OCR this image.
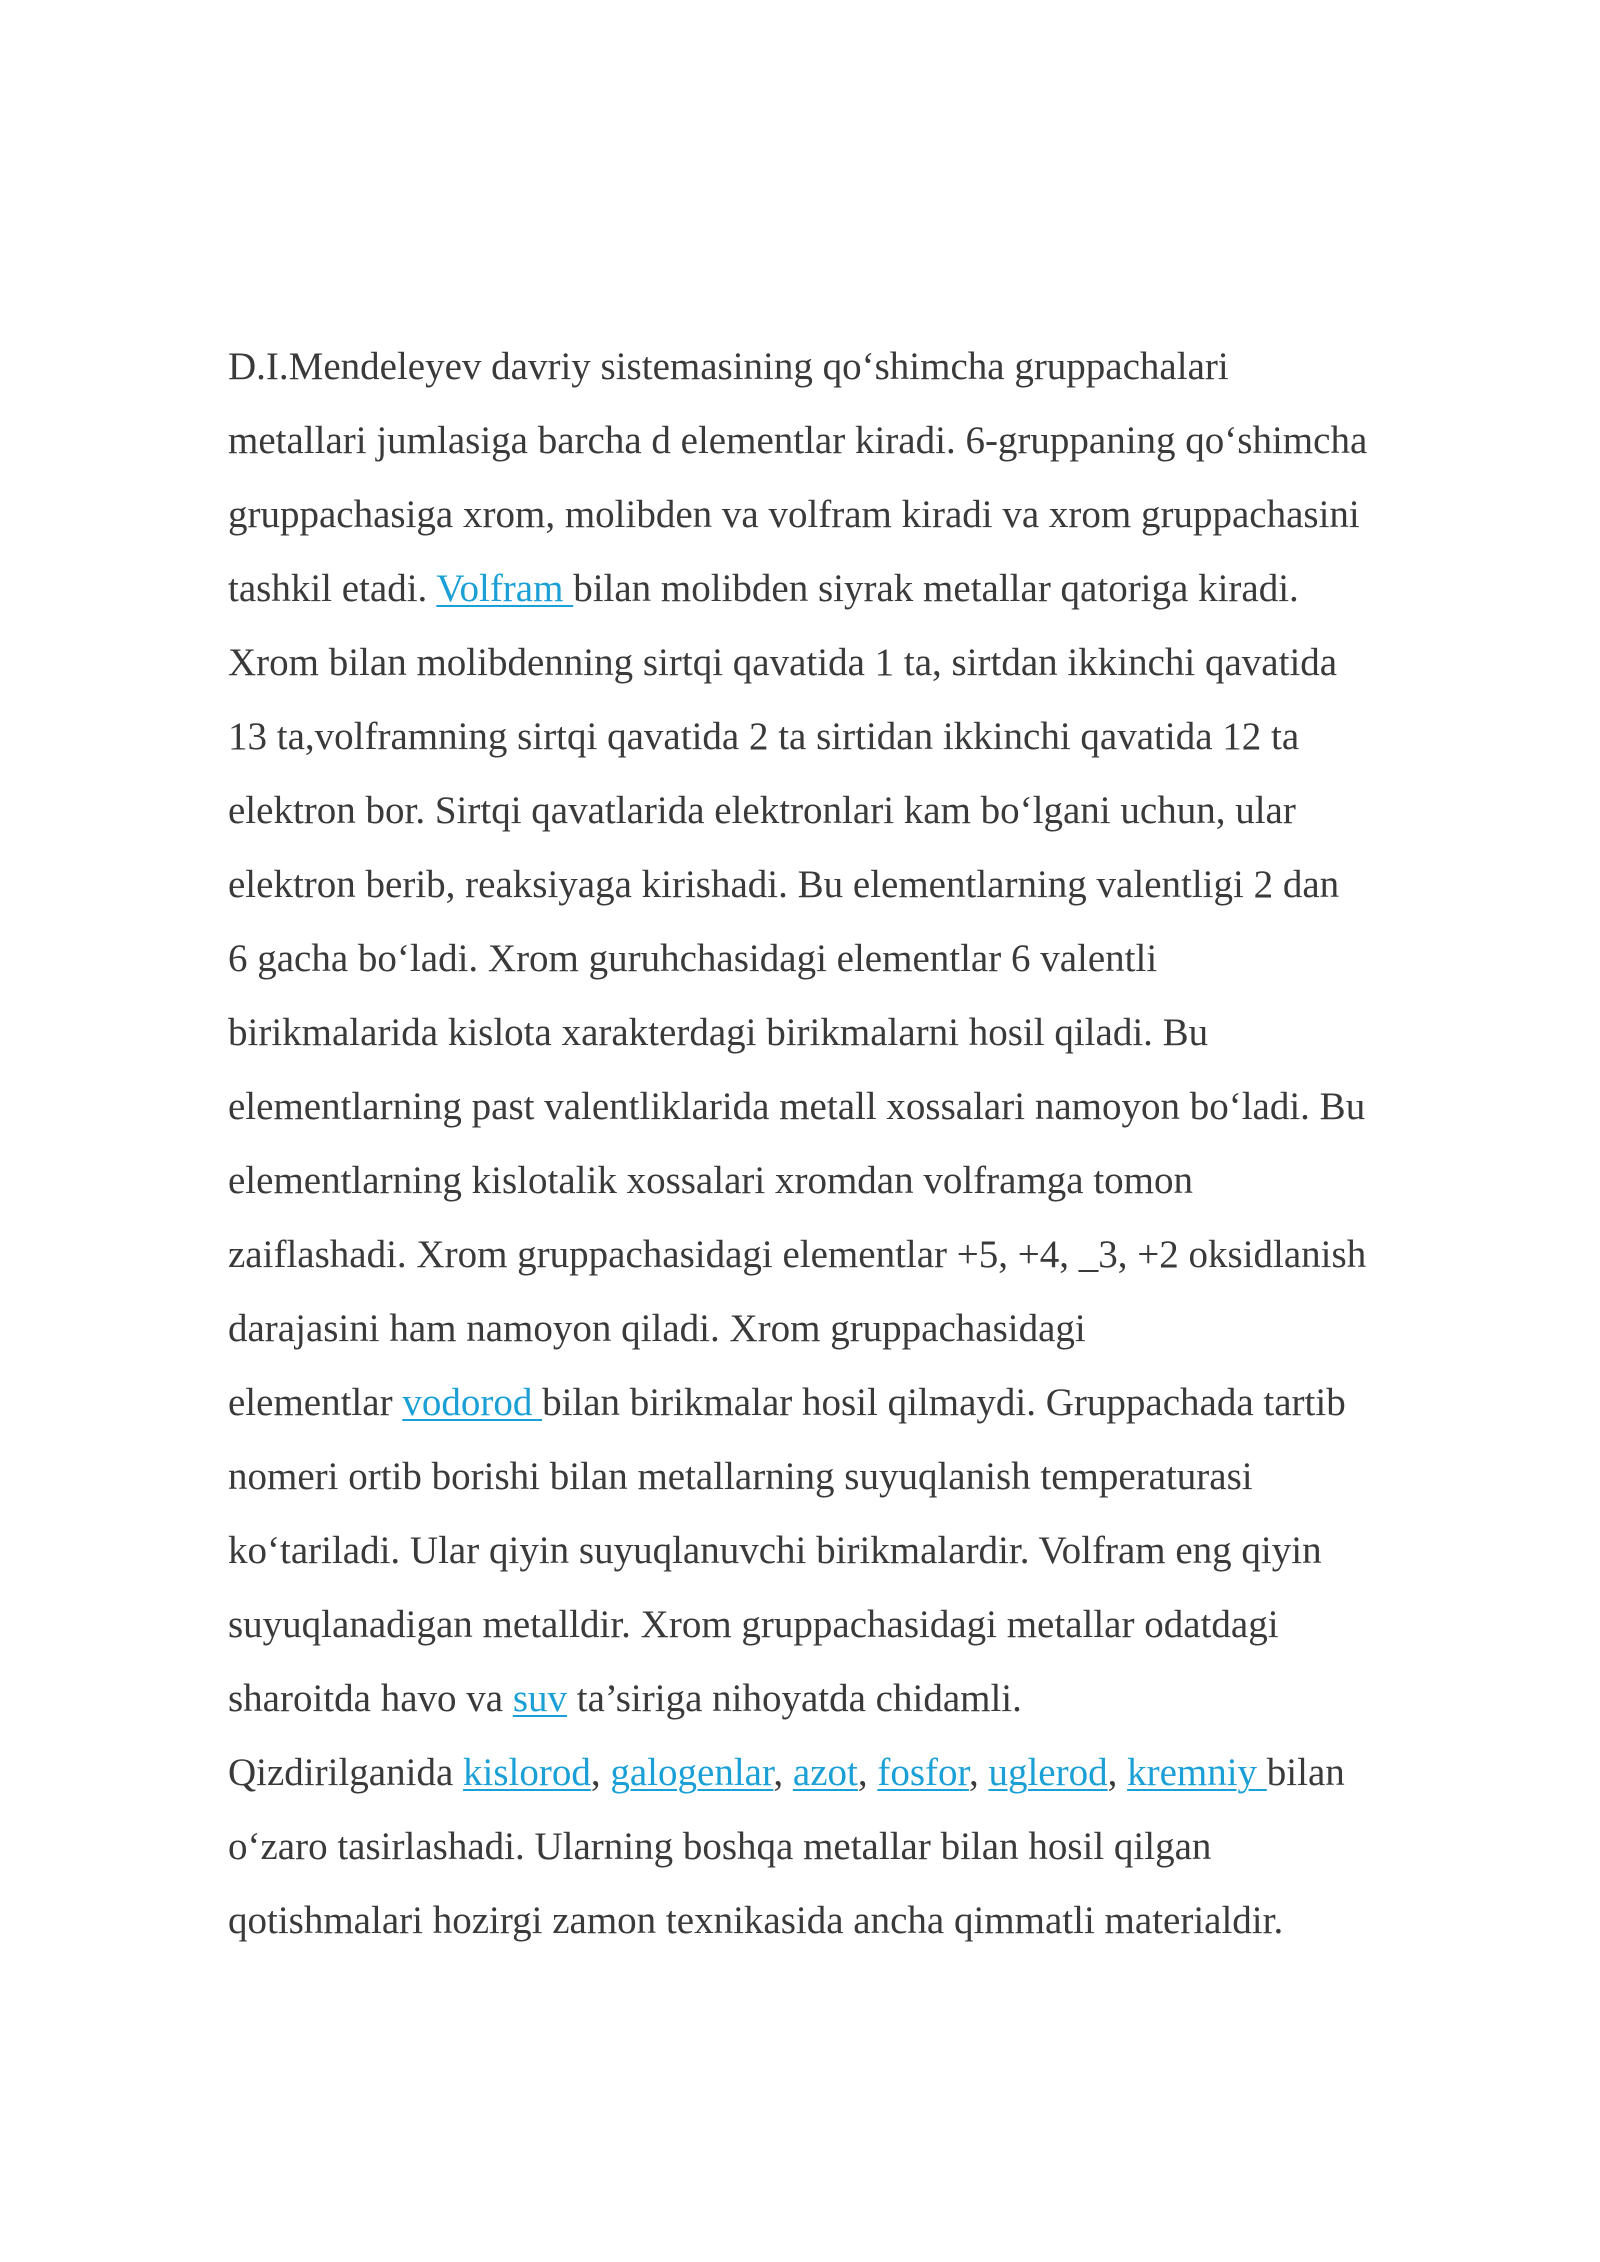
D.I.Mendeleyev davriy sistemasining qo‘shimcha gruppachalari
metallari jumlasiga barcha d elementlar kiradi. 6-gruppaning qo‘shimcha
gruppachasiga xrom, molibden va volfram kiradi va xrom gruppachasini
tashkil etadi. Volfram bilan molibden siyrak metallar qatoriga kiradi.
Xrom bilan molibdenning sirtqi qavatida 1 ta, sirtdan ikkinchi qavatida
13 ta,volframning sirtqi qavatida 2 ta sirtidan ikkinchi qavatida 12 ta
elektron bor. Sirtqi qavatlarida elektronlari kam bo‘lgani uchun, ular
elektron berib, reaksiyaga kirishadi. Bu elementlarning valentligi 2 dan
6 gacha bo‘ladi. Xrom guruhchasidagi elementlar 6 valentli
birikmalarida kislota xarakterdagi birikmalarni hosil qiladi. Bu
elementlarning past valentliklarida metall xossalari namoyon bo‘ladi. Bu
elementlarning kislotalik xossalari xromdan volframga tomon
zaiflashadi. Xrom gruppachasidagi elementlar +5, +4, _3, +2 oksidlanish
darajasini ham namoyon qiladi. Xrom gruppachasidagi
elementlar vodorod bilan birikmalar hosil qilmaydi. Gruppachada tartib
nomeri ortib borishi bilan metallarning suyuqlanish temperaturasi
ko‘tariladi. Ular qiyin suyuqlanuvchi birikmalardir. Volfram eng qiyin
suyuqlanadigan metalldir. Xrom gruppachasidagi metallar odatdagi
sharoitda havo va suv ta’siriga nihoyatda chidamli.
Qizdirilganida kislorod, galogenlar, azot, fosfor, uglerod, kremniy bilan
o‘zaro tasirlashadi. Ularning boshqa metallar bilan hosil qilgan
qotishmalari hozirgi zamon texnikasida ancha qimmatli materialdir.
